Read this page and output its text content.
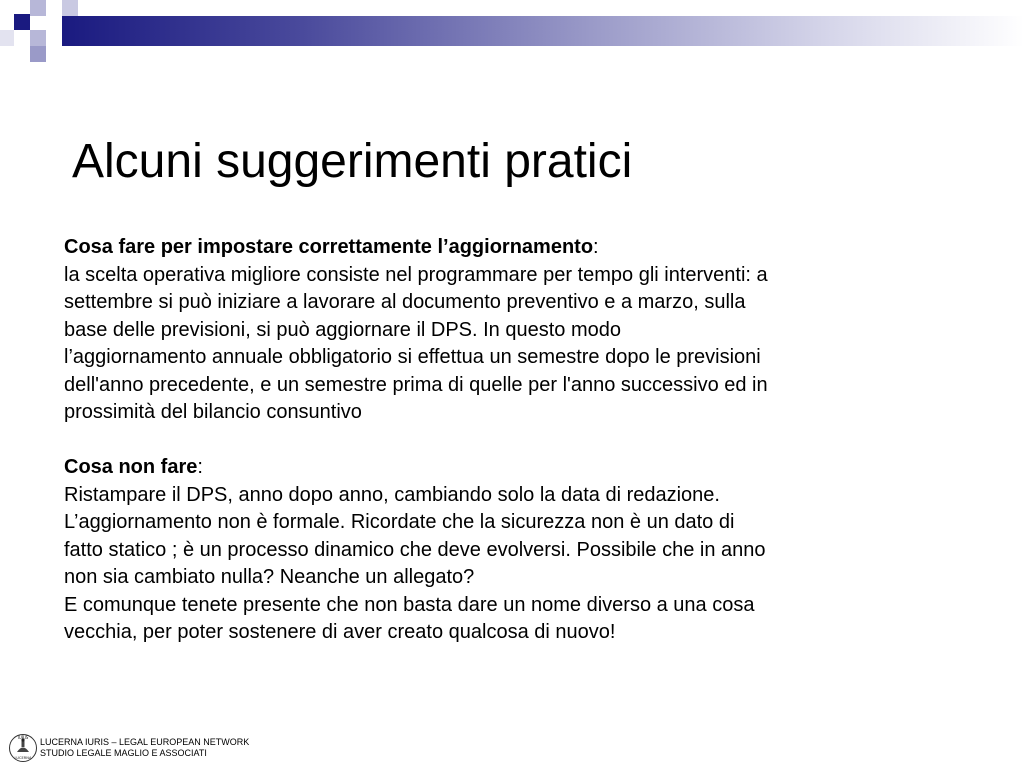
Alcuni suggerimenti pratici
Cosa fare per impostare correttamente l’aggiornamento:
la scelta operativa migliore consiste nel programmare per tempo gli interventi: a
settembre si può iniziare a lavorare al documento preventivo e a marzo, sulla
base delle previsioni, si può aggiornare il DPS. In questo modo
l’aggiornamento annuale obbligatorio si effettua un semestre dopo le previsioni
dell'anno precedente, e un semestre prima di quelle per l'anno successivo ed in
prossimità del bilancio consuntivo
Cosa non fare:
Ristampare il DPS, anno dopo anno, cambiando solo la data di redazione.
L’aggiornamento non è formale. Ricordate che la sicurezza non è un dato di
fatto statico ; è un processo dinamico che deve evolversi. Possibile che in anno
non sia cambiato nulla? Neanche un allegato?
E comunque tenete presente che non basta dare un nome diverso a una cosa
vecchia, per poter sostenere di aver creato qualcosa di nuovo!
IURIS
LUCERNA
LUCERNA IURIS – LEGAL EUROPEAN NETWORK
STUDIO LEGALE MAGLIO E ASSOCIATI
